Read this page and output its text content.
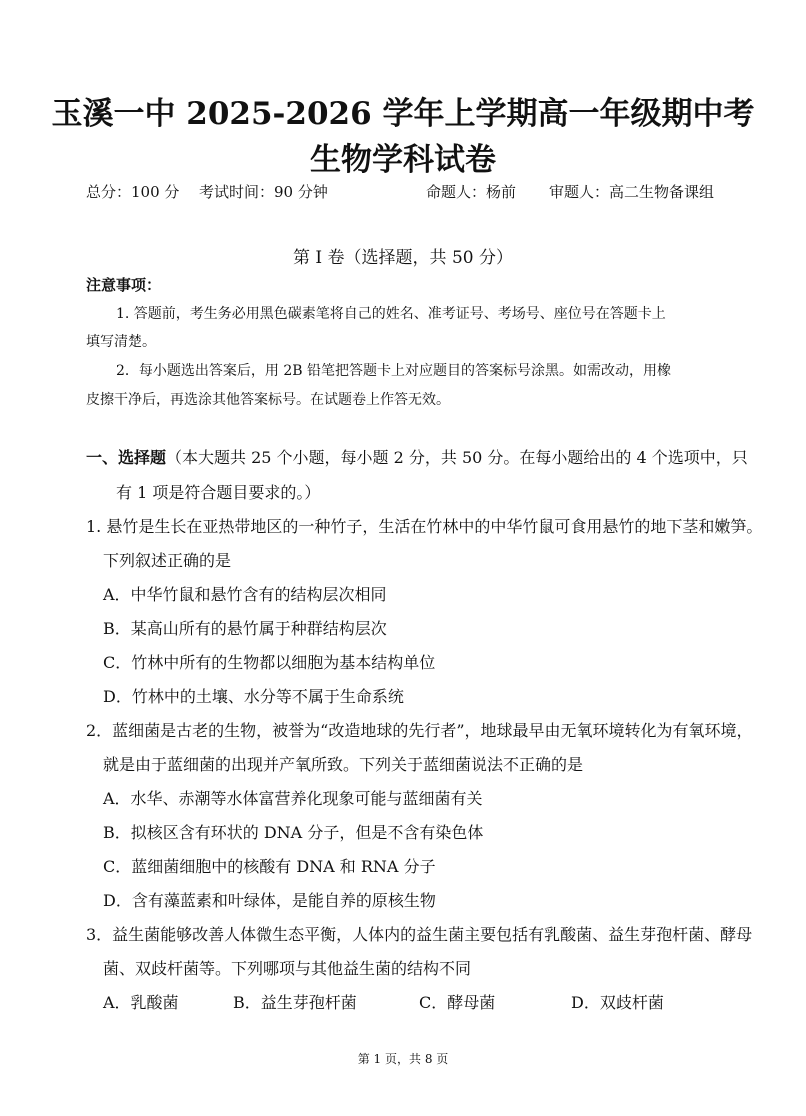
玉溪一中 2025-2026 学年上学期高一年级期中考
生物学科试卷
总分：100 分 考试时间：90 分钟	命题人：杨前 审题人：高二生物备课组
第 I 卷（选择题，共 50 分）
注意事项：
1. 答题前，考生务必用黑色碳素笔将自己的姓名、准考证号、考场号、座位号在答题卡上
填写清楚。
2．每小题选出答案后，用 2B 铅笔把答题卡上对应题目的答案标号涂黑。如需改动，用橡
皮擦干净后，再选涂其他答案标号。在试题卷上作答无效。
一、选择题（本大题共 25 个小题，每小题 2 分，共 50 分。在每小题给出的 4 个选项中，只
有 1 项是符合题目要求的。）
1. 悬竹是生长在亚热带地区的一种竹子，生活在竹林中的中华竹鼠可食用悬竹的地下茎和嫩笋。
下列叙述正确的是
A．中华竹鼠和悬竹含有的结构层次相同
B．某高山所有的悬竹属于种群结构层次
C．竹林中所有的生物都以细胞为基本结构单位
D．竹林中的土壤、水分等不属于生命系统
2．蓝细菌是古老的生物，被誉为“改造地球的先行者”，地球最早由无氧环境转化为有氧环境，
就是由于蓝细菌的出现并产氧所致。下列关于蓝细菌说法不正确的是
A．水华、赤潮等水体富营养化现象可能与蓝细菌有关
B．拟核区含有环状的 DNA 分子，但是不含有染色体
C．蓝细菌细胞中的核酸有 DNA 和 RNA 分子
D．含有藻蓝素和叶绿体，是能自养的原核生物
3．益生菌能够改善人体微生态平衡，人体内的益生菌主要包括有乳酸菌、益生芽孢杆菌、酵母
菌、双歧杆菌等。下列哪项与其他益生菌的结构不同
A．乳酸菌	B．益生芽孢杆菌	C．酵母菌	D．双歧杆菌
第 1 页，共 8 页
